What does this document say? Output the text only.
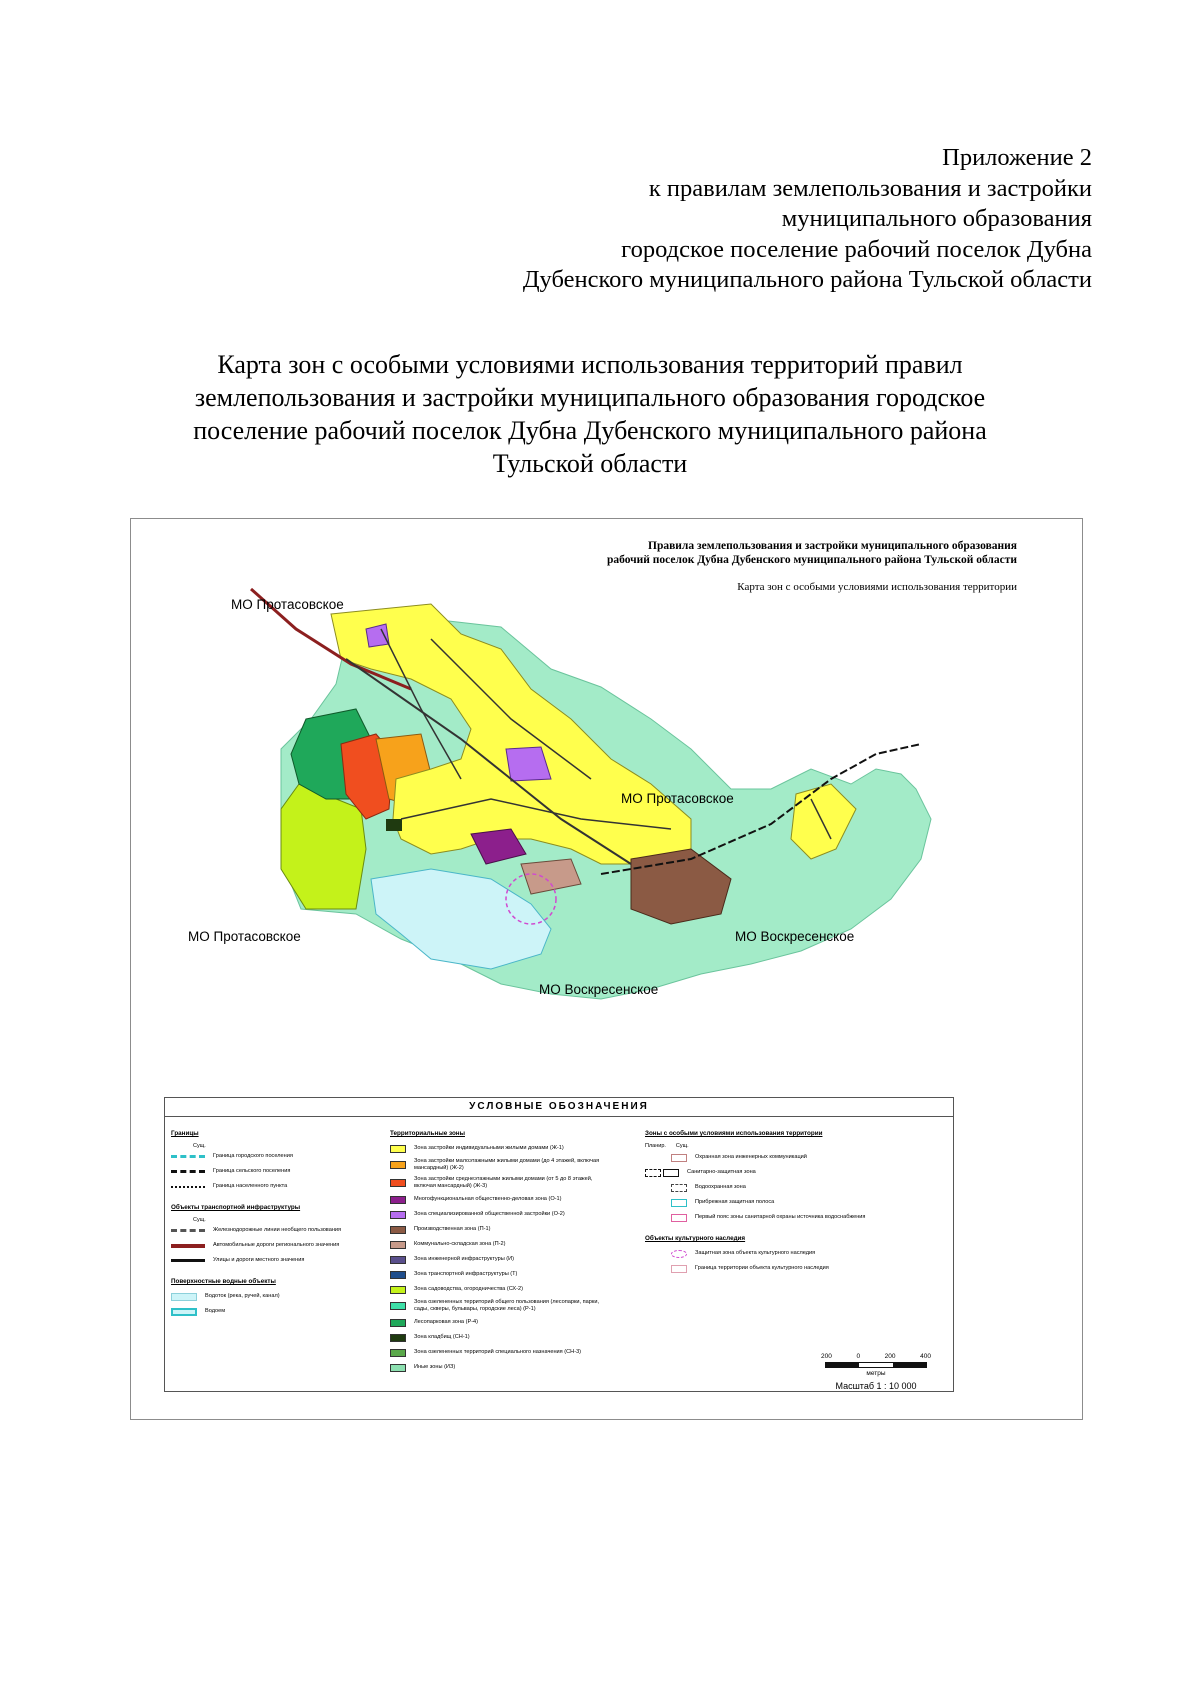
Приложение 2
к правилам землепользования и застройки
муниципального образования
городское поселение рабочий поселок Дубна
Дубенского муниципального района Тульской области
Карта зон с особыми условиями использования территорий правил
землепользования и застройки муниципального образования городское
поселение рабочий поселок Дубна Дубенского муниципального района
Тульской области
Правила землепользования и застройки муниципального образования
рабочий поселок Дубна Дубенского муниципального района Тульской области
Карта зон с особыми условиями использования территории
МО Протасовское
МО Протасовское
МО Протасовское	МО Воскресенское
МО Воскресенское
УСЛОВНЫЕ ОБОЗНАЧЕНИЯ
Границы
Сущ.
Граница городского поселения
Граница сельского поселения
Граница населенного пункта
Объекты транспортной инфраструктуры
Сущ.
Железнодорожные линии необщего пользования
Автомобильные дороги регионального значения
Улицы и дороги местного значения
Поверхностные водные объекты
Водоток (река, ручей, канал)
Водоем
Территориальные зоны
Зона застройки индивидуальными жилыми домами (Ж-1)
Зона застройки малоэтажными жилыми домами (до 4 этажей, включая мансардный) (Ж-2)
Зона застройки среднеэтажными жилыми домами (от 5 до 8 этажей, включая мансардный) (Ж-3)
Многофункциональная общественно-деловая зона (О-1)
Зона специализированной общественной застройки (О-2)
Производственная зона (П-1)
Коммунально-складская зона (П-2)
Зона инженерной инфраструктуры (И)
Зона транспортной инфраструктуры (Т)
Зона садоводства, огородничества (СХ-2)
Зона озелененных территорий общего пользования (лесопарки, парки, сады, скверы, бульвары, городские леса) (Р-1)
Лесопарковая зона (Р-4)
Зона кладбищ (СН-1)
Зона озелененных территорий специального назначения (СН-3)
Иные зоны (ИЗ)
Зоны с особыми условиями использования территории
Планир. Сущ.
Охранная зона инженерных коммуникаций
Санитарно-защитная зона
Водоохранная зона
Прибрежная защитная полоса
Первый пояс зоны санитарной охраны источника водоснабжения
Объекты культурного наследия
Защитная зона объекта культурного наследия
Граница территории объекта культурного наследия
200	0	200	400
метры
Масштаб 1 : 10 000
